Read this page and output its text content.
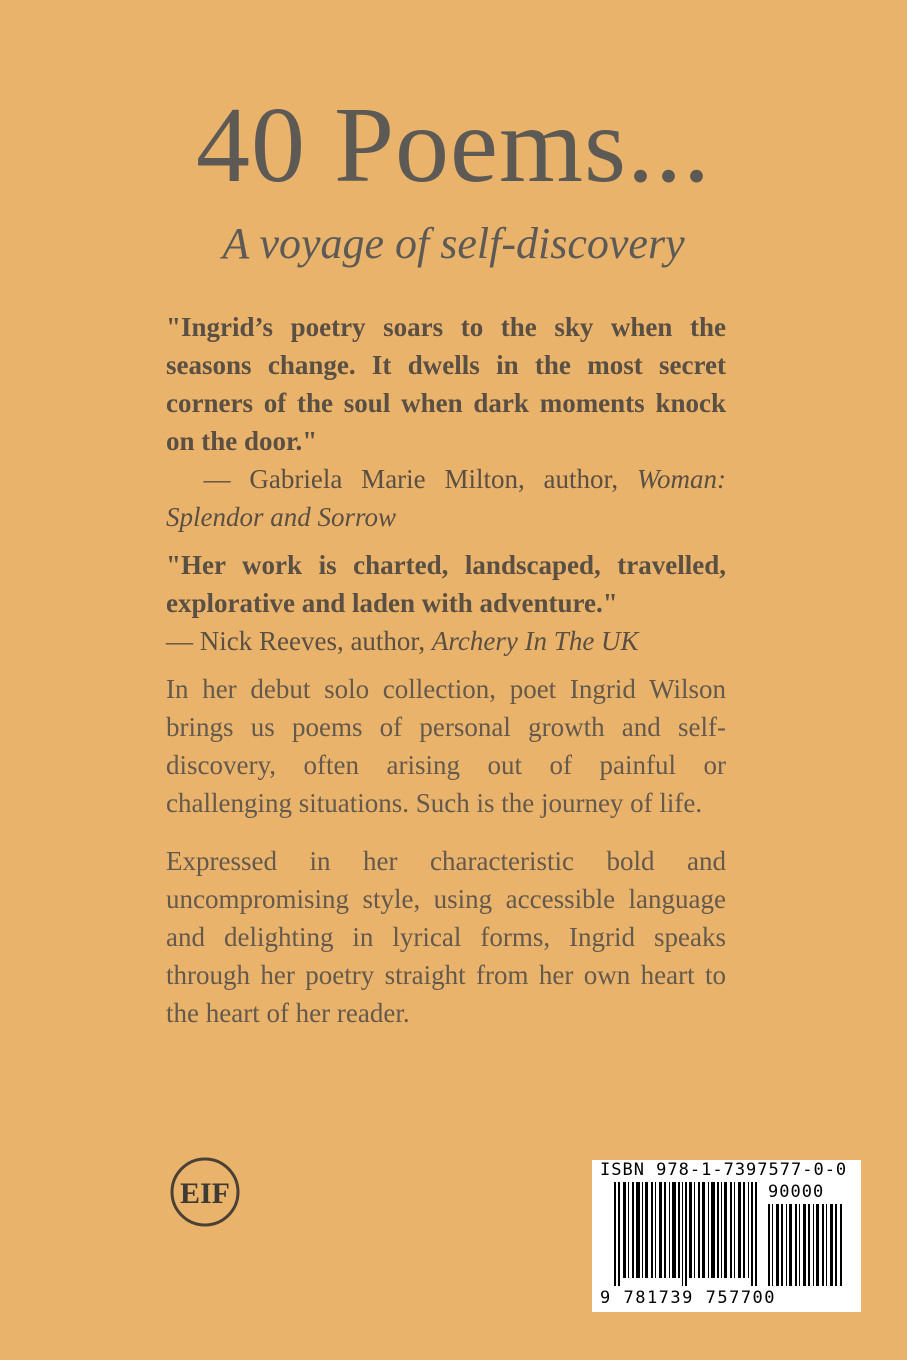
40 Poems...
A voyage of self-discovery

"Ingrid’s poetry soars to the sky when the seasons change. It dwells in the most secret corners of the soul when dark moments knock on the door."

— Gabriela Marie Milton, author, Woman: Splendor and Sorrow

"Her work is charted, landscaped, travelled, explorative and laden with adventure."

— Nick Reeves, author, Archery In The UK

In her debut solo collection, poet Ingrid Wilson brings us poems of personal growth and self-discovery, often arising out of painful or challenging situations. Such is the journey of life.

Expressed in her characteristic bold and uncompromising style, using accessible language and delighting in lyrical forms, Ingrid speaks through her poetry straight from her own heart to the heart of her reader.

EIF
ISBN 978-1-7397577-0-0
90000
9 781739 757700
